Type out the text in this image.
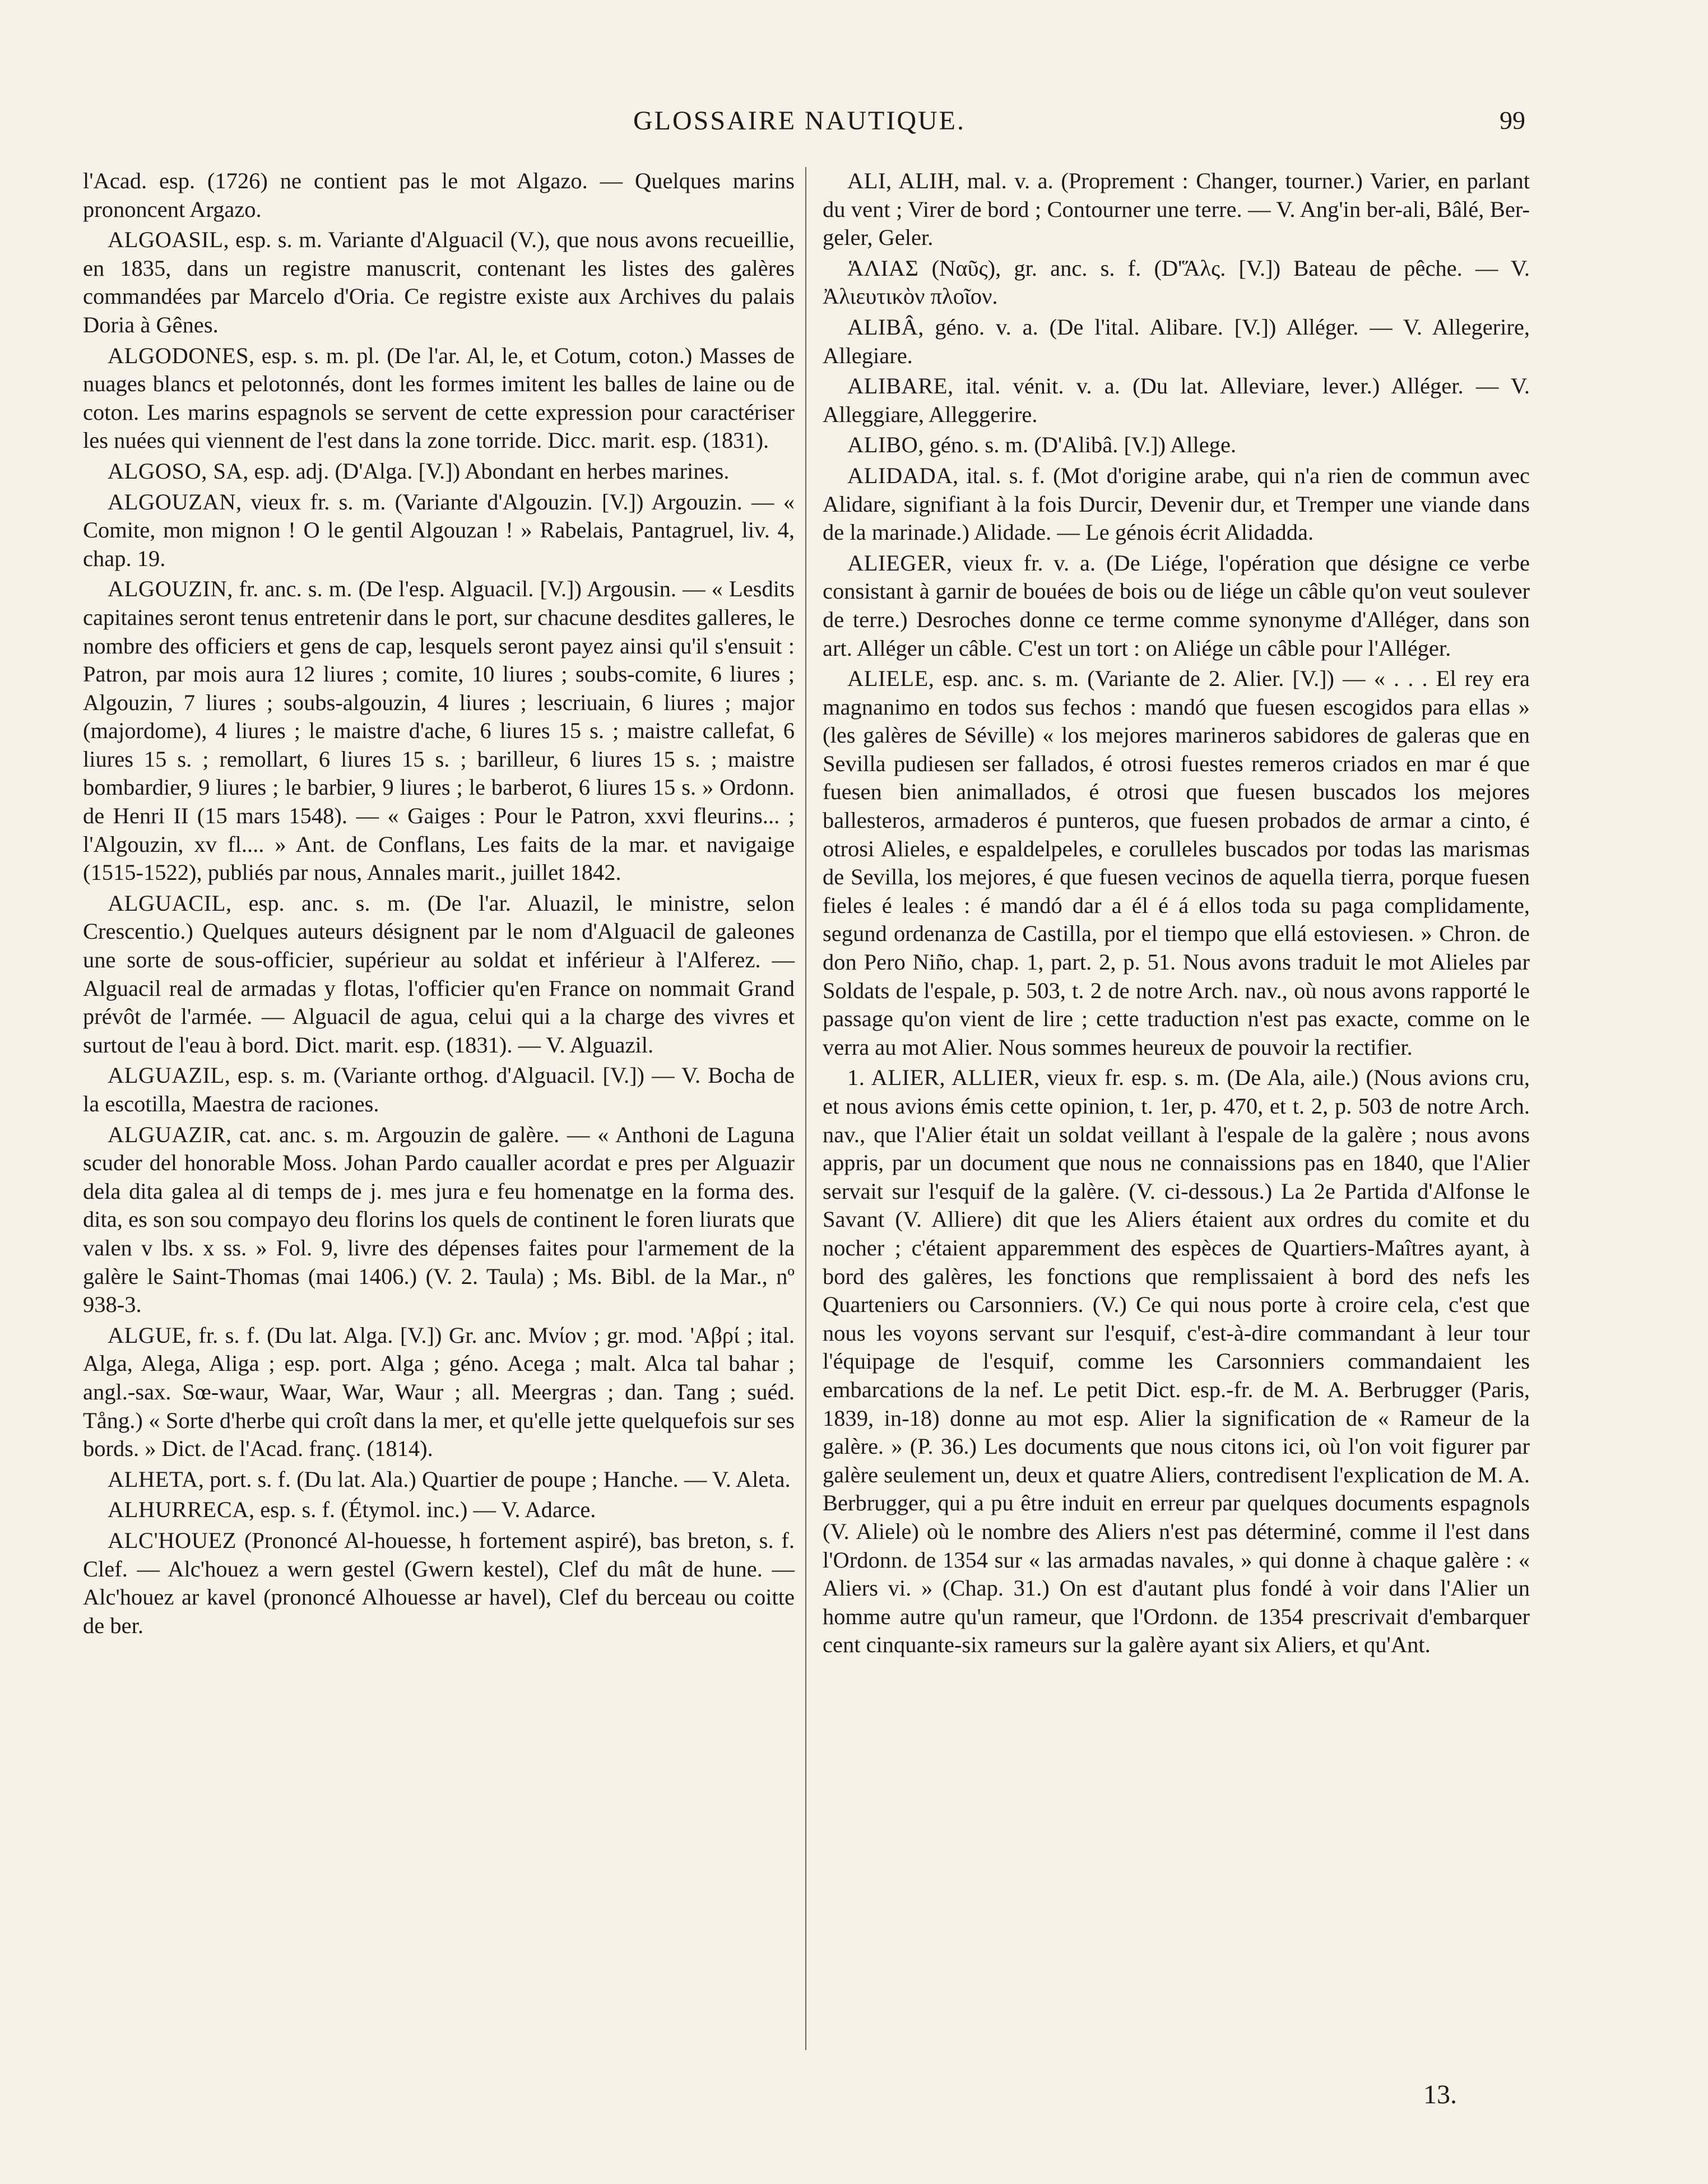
GLOSSAIRE NAUTIQUE.	99

l'Acad. esp. (1726) ne contient pas le mot Algazo. — Quelques marins prononcent Argazo.

ALGOASIL, esp. s. m. Variante d'Alguacil (V.), que nous avons recueillie, en 1835, dans un registre manuscrit, contenant les listes des galères commandées par Marcelo d'Oria. Ce registre existe aux Archives du palais Doria à Gênes.

ALGODONES, esp. s. m. pl. (De l'ar. Al, le, et Cotum, coton.) Masses de nuages blancs et pelotonnés, dont les formes imitent les balles de laine ou de coton. Les marins espagnols se servent de cette expression pour caractériser les nuées qui viennent de l'est dans la zone torride. Dicc. marit. esp. (1831).

ALGOSO, SA, esp. adj. (D'Alga. [V.]) Abondant en herbes marines.

ALGOUZAN, vieux fr. s. m. (Variante d'Algouzin. [V.]) Argouzin. — « Comite, mon mignon ! O le gentil Algouzan ! » Rabelais, Pantagruel, liv. 4, chap. 19.

ALGOUZIN, fr. anc. s. m. (De l'esp. Alguacil. [V.]) Argousin. — « Lesdits capitaines seront tenus entretenir dans le port, sur chacune desdites galleres, le nombre des officiers et gens de cap, lesquels seront payez ainsi qu'il s'ensuit : Patron, par mois aura 12 liures ; comite, 10 liures ; soubs-comite, 6 liures ; Algouzin, 7 liures ; soubs-algouzin, 4 liures ; lescriuain, 6 liures ; major (majordome), 4 liures ; le maistre d'ache, 6 liures 15 s. ; maistre callefat, 6 liures 15 s. ; remollart, 6 liures 15 s. ; barilleur, 6 liures 15 s. ; maistre bombardier, 9 liures ; le barbier, 9 liures ; le barberot, 6 liures 15 s. » Ordonn. de Henri II (15 mars 1548). — « Gaiges : Pour le Patron, xxvi fleurins... ; l'Algouzin, xv fl.... » Ant. de Conflans, Les faits de la mar. et navigaige (1515-1522), publiés par nous, Annales marit., juillet 1842.

ALGUACIL, esp. anc. s. m. (De l'ar. Aluazil, le ministre, selon Crescentio.) Quelques auteurs désignent par le nom d'Alguacil de galeones une sorte de sous-officier, supérieur au soldat et inférieur à l'Alferez. — Alguacil real de armadas y flotas, l'officier qu'en France on nommait Grand prévôt de l'armée. — Alguacil de agua, celui qui a la charge des vivres et surtout de l'eau à bord. Dict. marit. esp. (1831). — V. Alguazil.

ALGUAZIL, esp. s. m. (Variante orthog. d'Alguacil. [V.]) — V. Bocha de la escotilla, Maestra de raciones.

ALGUAZIR, cat. anc. s. m. Argouzin de galère. — « Anthoni de Laguna scuder del honorable Moss. Johan Pardo caualler acordat e pres per Alguazir dela dita galea al di temps de j. mes jura e feu homenatge en la forma des. dita, es son sou compayo deu florins los quels de continent le foren liurats que valen v lbs. x ss. » Fol. 9, livre des dépenses faites pour l'armement de la galère le Saint-Thomas (mai 1406.) (V. 2. Taula) ; Ms. Bibl. de la Mar., nº 938-3.

ALGUE, fr. s. f. (Du lat. Alga. [V.]) Gr. anc. Μνίον ; gr. mod. 'Αβρί ; ital. Alga, Alega, Aliga ; esp. port. Alga ; géno. Acega ; malt. Alca tal bahar ; angl.-sax. Sœ-waur, Waar, War, Waur ; all. Meergras ; dan. Tang ; suéd. Tång.) « Sorte d'herbe qui croît dans la mer, et qu'elle jette quelquefois sur ses bords. » Dict. de l'Acad. franç. (1814).

ALHETA, port. s. f. (Du lat. Ala.) Quartier de poupe ; Hanche. — V. Aleta.

ALHURRECA, esp. s. f. (Étymol. inc.) — V. Adarce.

ALC'HOUEZ (Prononcé Al-houesse, h fortement aspiré), bas breton, s. f. Clef. — Alc'houez a wern gestel (Gwern kestel), Clef du mât de hune. — Alc'houez ar kavel (prononcé Alhouesse ar havel), Clef du berceau ou coitte de ber.

ALI, ALIH, mal. v. a. (Proprement : Changer, tourner.) Varier, en parlant du vent ; Virer de bord ; Contourner une terre. — V. Ang'in ber-ali, Bâlé, Ber-geler, Geler.

ἉΛΙΑΣ (Ναῦς), gr. anc. s. f. (D'Ἅλς. [V.]) Bateau de pêche. — V. Ἀλιευτικὸν πλοῖον.

ALIBÂ, géno. v. a. (De l'ital. Alibare. [V.]) Alléger. — V. Allegerire, Allegiare.

ALIBARE, ital. vénit. v. a. (Du lat. Alleviare, lever.) Alléger. — V. Alleggiare, Alleggerire.

ALIBO, géno. s. m. (D'Alibâ. [V.]) Allege.

ALIDADA, ital. s. f. (Mot d'origine arabe, qui n'a rien de commun avec Alidare, signifiant à la fois Durcir, Devenir dur, et Tremper une viande dans de la marinade.) Alidade. — Le génois écrit Alidadda.

ALIEGER, vieux fr. v. a. (De Liége, l'opération que désigne ce verbe consistant à garnir de bouées de bois ou de liége un câble qu'on veut soulever de terre.) Desroches donne ce terme comme synonyme d'Alléger, dans son art. Alléger un câble. C'est un tort : on Aliége un câble pour l'Alléger.

ALIELE, esp. anc. s. m. (Variante de 2. Alier. [V.]) — « . . . El rey era magnanimo en todos sus fechos : mandó que fuesen escogidos para ellas » (les galères de Séville) « los mejores marineros sabidores de galeras que en Sevilla pudiesen ser fallados, é otrosi fuestes remeros criados en mar é que fuesen bien animallados, é otrosi que fuesen buscados los mejores ballesteros, armaderos é punteros, que fuesen probados de armar a cinto, é otrosi Alieles, e espaldelpeles, e corulleles buscados por todas las marismas de Sevilla, los mejores, é que fuesen vecinos de aquella tierra, porque fuesen fieles é leales : é mandó dar a él é á ellos toda su paga complidamente, segund ordenanza de Castilla, por el tiempo que ellá estoviesen. » Chron. de don Pero Niño, chap. 1, part. 2, p. 51. Nous avons traduit le mot Alieles par Soldats de l'espale, p. 503, t. 2 de notre Arch. nav., où nous avons rapporté le passage qu'on vient de lire ; cette traduction n'est pas exacte, comme on le verra au mot Alier. Nous sommes heureux de pouvoir la rectifier.

1. ALIER, ALLIER, vieux fr. esp. s. m. (De Ala, aile.) (Nous avions cru, et nous avions émis cette opinion, t. 1er, p. 470, et t. 2, p. 503 de notre Arch. nav., que l'Alier était un soldat veillant à l'espale de la galère ; nous avons appris, par un document que nous ne connaissions pas en 1840, que l'Alier servait sur l'esquif de la galère. (V. ci-dessous.) La 2e Partida d'Alfonse le Savant (V. Alliere) dit que les Aliers étaient aux ordres du comite et du nocher ; c'étaient apparemment des espèces de Quartiers-Maîtres ayant, à bord des galères, les fonctions que remplissaient à bord des nefs les Quarteniers ou Carsonniers. (V.) Ce qui nous porte à croire cela, c'est que nous les voyons servant sur l'esquif, c'est-à-dire commandant à leur tour l'équipage de l'esquif, comme les Carsonniers commandaient les embarcations de la nef. Le petit Dict. esp.-fr. de M. A. Berbrugger (Paris, 1839, in-18) donne au mot esp. Alier la signification de « Rameur de la galère. » (P. 36.) Les documents que nous citons ici, où l'on voit figurer par galère seulement un, deux et quatre Aliers, contredisent l'explication de M. A. Berbrugger, qui a pu être induit en erreur par quelques documents espagnols (V. Aliele) où le nombre des Aliers n'est pas déterminé, comme il l'est dans l'Ordonn. de 1354 sur « las armadas navales, » qui donne à chaque galère : « Aliers vi. » (Chap. 31.) On est d'autant plus fondé à voir dans l'Alier un homme autre qu'un rameur, que l'Ordonn. de 1354 prescrivait d'embarquer cent cinquante-six rameurs sur la galère ayant six Aliers, et qu'Ant.

13.
